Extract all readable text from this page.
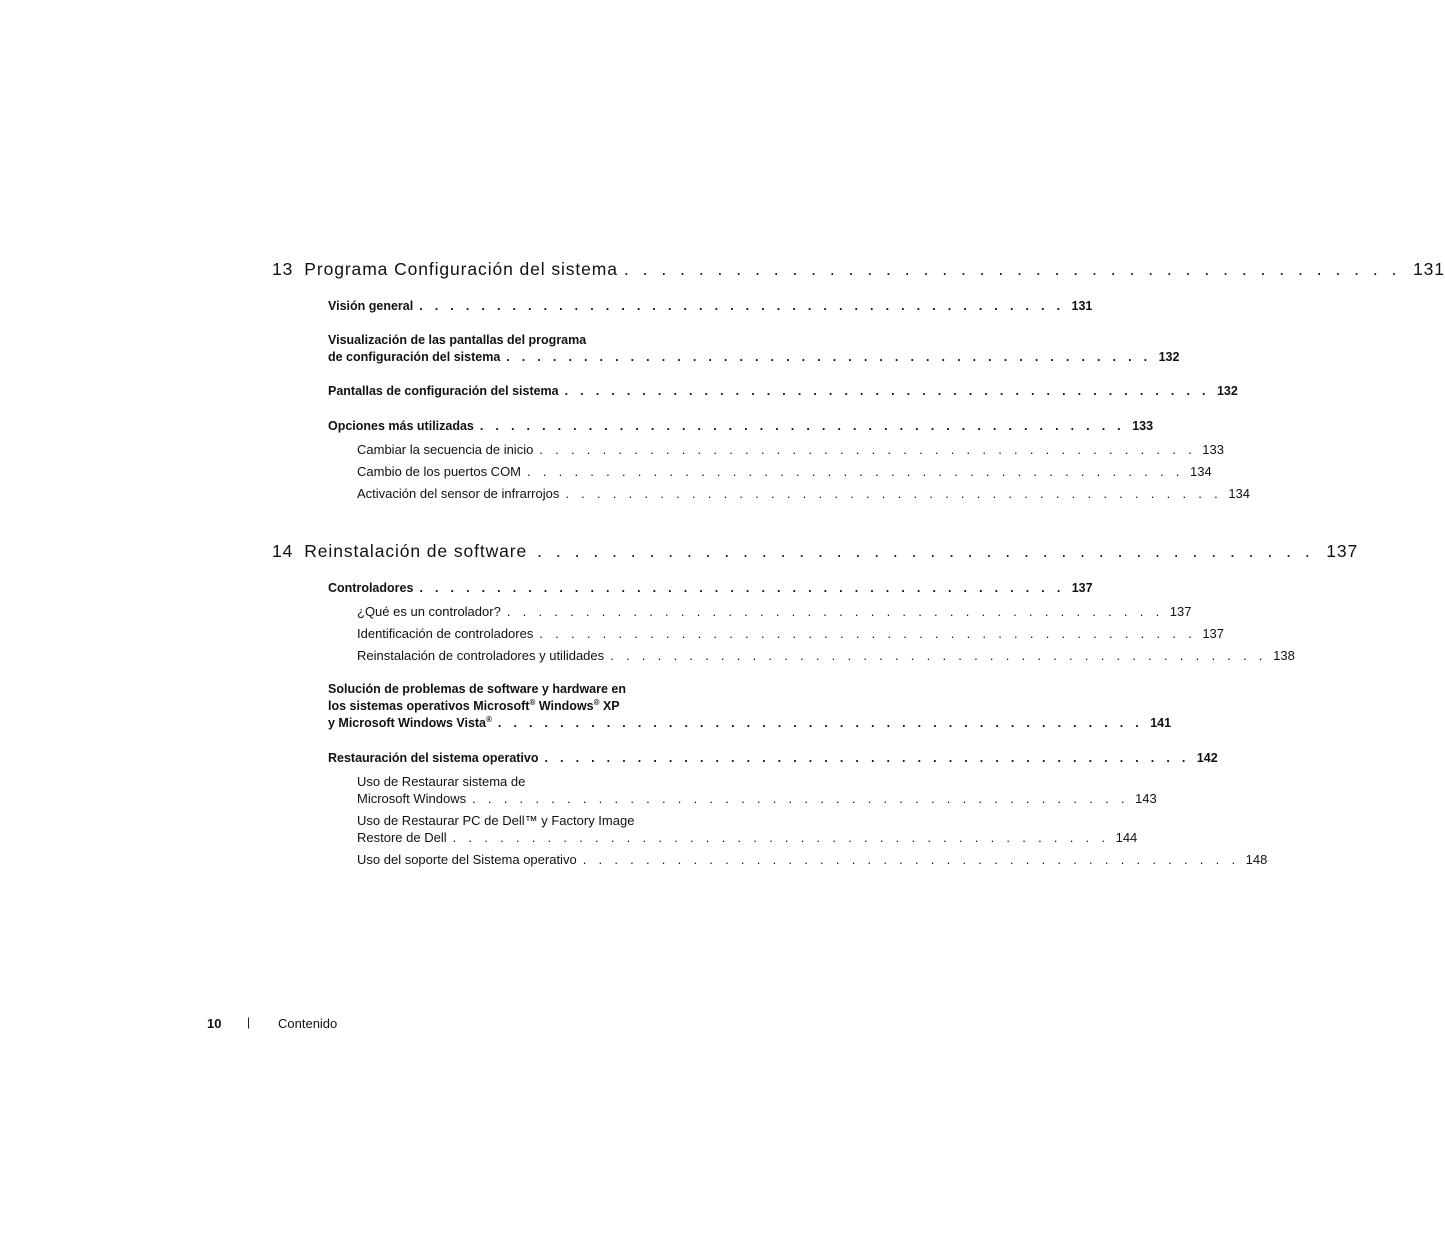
13 Programa Configuración del sistema . . . . . . . . . . . . . . . . . . . . . . . . . . . . . . . . . . . . . . . . . . 131
Visión general . . . . . . . . . . . . . . . . . . . . . . . . . . . . . . . . . . . . . . . . . . 131
Visualización de las pantallas del programa
de configuración del sistema . . . . . . . . . . . . . . . . . . . . . . . . . . . . . . . . . . . . . . . . . . 132
Pantallas de configuración del sistema . . . . . . . . . . . . . . . . . . . . . . . . . . . . . . . . . . . . . . . . . . 132
Opciones más utilizadas . . . . . . . . . . . . . . . . . . . . . . . . . . . . . . . . . . . . . . . . . . 133
Cambiar la secuencia de inicio . . . . . . . . . . . . . . . . . . . . . . . . . . . . . . . . . . . . . . . . . . 133
Cambio de los puertos COM . . . . . . . . . . . . . . . . . . . . . . . . . . . . . . . . . . . . . . . . . . 134
Activación del sensor de infrarrojos . . . . . . . . . . . . . . . . . . . . . . . . . . . . . . . . . . . . . . . . . . 134
14 Reinstalación de software . . . . . . . . . . . . . . . . . . . . . . . . . . . . . . . . . . . . . . . . . . 137
Controladores . . . . . . . . . . . . . . . . . . . . . . . . . . . . . . . . . . . . . . . . . . 137
¿Qué es un controlador? . . . . . . . . . . . . . . . . . . . . . . . . . . . . . . . . . . . . . . . . . . 137
Identificación de controladores . . . . . . . . . . . . . . . . . . . . . . . . . . . . . . . . . . . . . . . . . . 137
Reinstalación de controladores y utilidades . . . . . . . . . . . . . . . . . . . . . . . . . . . . . . . . . . . . . . . . . . 138
Solución de problemas de software y hardware en
los sistemas operativos Microsoft® Windows® XP
y Microsoft Windows Vista® . . . . . . . . . . . . . . . . . . . . . . . . . . . . . . . . . . . . . . . . . . 141
Restauración del sistema operativo . . . . . . . . . . . . . . . . . . . . . . . . . . . . . . . . . . . . . . . . . . 142
Uso de Restaurar sistema de
Microsoft Windows . . . . . . . . . . . . . . . . . . . . . . . . . . . . . . . . . . . . . . . . . . 143
Uso de Restaurar PC de Dell™ y Factory Image
Restore de Dell . . . . . . . . . . . . . . . . . . . . . . . . . . . . . . . . . . . . . . . . . . 144
Uso del soporte del Sistema operativo . . . . . . . . . . . . . . . . . . . . . . . . . . . . . . . . . . . . . . . . . . 148
10 | Contenido
